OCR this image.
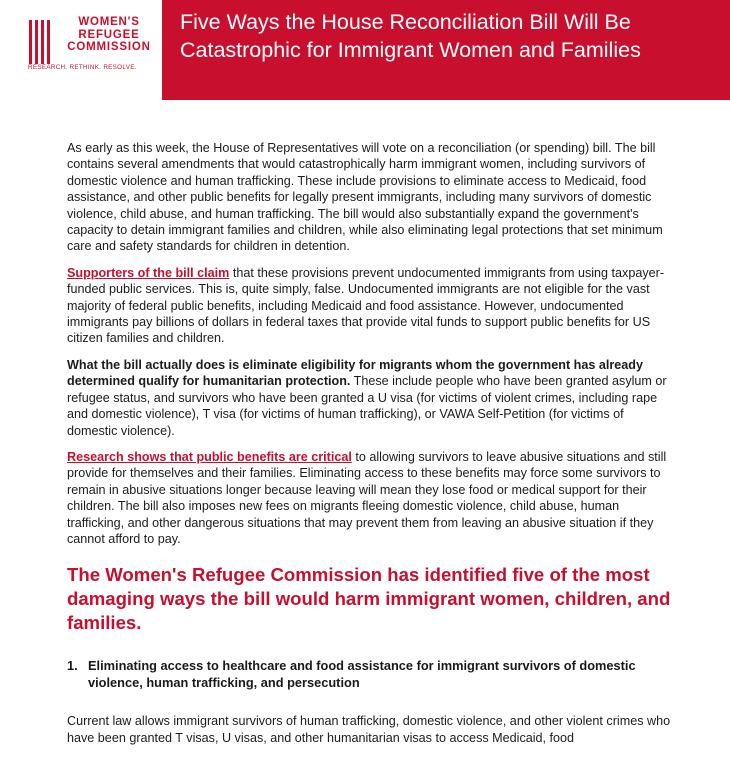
WOMEN'S
REFUGEE
COMMISSION
RESEARCH. RETHINK. RESOLVE.
Five Ways the House Reconciliation Bill Will Be Catastrophic for Immigrant Women and Families

As early as this week, the House of Representatives will vote on a reconciliation (or spending) bill. The bill contains several amendments that would catastrophically harm immigrant women, including survivors of domestic violence and human trafficking. These include provisions to eliminate access to Medicaid, food assistance, and other public benefits for legally present immigrants, including many survivors of domestic violence, child abuse, and human trafficking. The bill would also substantially expand the government's capacity to detain immigrant families and children, while also eliminating legal protections that set minimum care and safety standards for children in detention.

Supporters of the bill claim that these provisions prevent undocumented immigrants from using taxpayer-funded public services. This is, quite simply, false. Undocumented immigrants are not eligible for the vast majority of federal public benefits, including Medicaid and food assistance. However, undocumented immigrants pay billions of dollars in federal taxes that provide vital funds to support public benefits for US citizen families and children.

What the bill actually does is eliminate eligibility for migrants whom the government has already determined qualify for humanitarian protection. These include people who have been granted asylum or refugee status, and survivors who have been granted a U visa (for victims of violent crimes, including rape and domestic violence), T visa (for victims of human trafficking), or VAWA Self-Petition (for victims of domestic violence).

Research shows that public benefits are critical to allowing survivors to leave abusive situations and still provide for themselves and their families. Eliminating access to these benefits may force some survivors to remain in abusive situations longer because leaving will mean they lose food or medical support for their children. The bill also imposes new fees on migrants fleeing domestic violence, child abuse, human trafficking, and other dangerous situations that may prevent them from leaving an abusive situation if they cannot afford to pay.

The Women's Refugee Commission has identified five of the most damaging ways the bill would harm immigrant women, children, and families.
1. Eliminating access to healthcare and food assistance for immigrant survivors of domestic violence, human trafficking, and persecution

Current law allows immigrant survivors of human trafficking, domestic violence, and other violent crimes who have been granted T visas, U visas, and other humanitarian visas to access Medicaid, food
